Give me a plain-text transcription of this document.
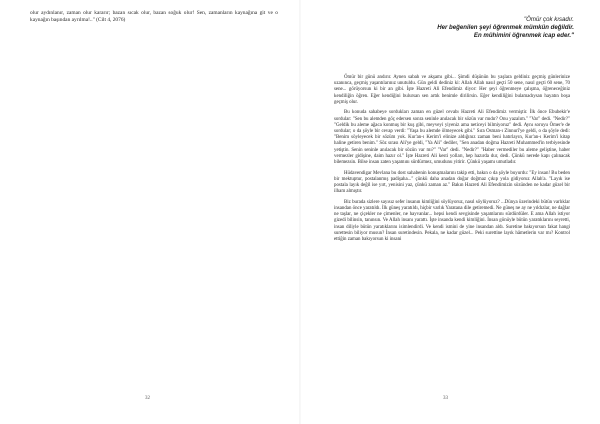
olur aydınlanır, zaman olur kararır; bazan sıcak olur, bazan soğuk olur! Sen, zamanların kaynağına git ve o kaynağın başından ayrılma!.." (Cilt 4, 2076)

32
"Ömür çok kısadır.
Her beğenilen şeyi öğrenmek mümkün değildir.
En mühimini öğrenmek icap eder."

Ömür bir günü andırır. Aynen sabah ve akşamı gibi... Şimdi düşünün bu yaşlara geldiniz geçmiş günlerinize uzanınca, geçmiş yaşantılarınız unutuldu. Gün geldi dediniz ki: Allah Allah nasıl geçti 50 sene, nasıl geçti 60 sene, 70 sene... görüyorsun ki bir an gibi. İşte Hazreti Ali Efendimiz diyor: Her şeyi öğrenmeye çalışma, öğreneceğiniz kendiliğin öğren. Eğer kendiğini bulursan sen artık benimle dirilirsin. Eğer kendiliğini bulamadıysan hayatın boşa geçmiş olur.

Bu konuda sahabeye sordukları zaman en güzel cevabı Hazreti Ali Efendimiz vermiştir. İlk önce Ebubekir'e sordular: "Sen bu alemden göç edersen sonra seninle anılacak bir sözün var mıdır? Onu yazalım." "Var" dedi. "Nedir?" "Geldik bu aleme ağaca konmuş bir kuş gibi, meyveyi yiyeniz ama neticeyi bilmiyoruz" dedi. Aynı soruyu Ömer'e de sordular; o da şöyle bir cevap verdi: "Yaşa bu alemde ölmeyecek gibi." Sıra Osman-ı Zinnurî'ye geldi, o da şöyle dedi: "Benim söyleyecek bir sözüm yok. Kur'an-ı Kerim'i elinize aldığınız zaman beni hatırlayın, Kur'an-ı Kerim'i kitap haline getiren benim." Söz sırası Ali'ye geldi, "Ya Ali" dediler, "Sen anadan doğma Hazreti Muhammed'in terbiyesinde yetiştin. Senin seninle anılacak bir sözün var mı?" "Var" dedi. "Nedir?" "Haber vermediler bu aleme geliştine, haber vermezler gidişine, daim hazır ol." İşte Hazreti Ali kesti yolları, hep hazırda dur, dedi. Çünkü nerede kapı çalınacak bilemezsin. Bilse insan zaten yaşamını sürdürmez, umudunu yitirir. Çünkü yaşamı umutladır.

Hüdavendigar Mevlana bu dost sahabenin konuşmalarını takip etti, bakın o da şöyle buyurdu: "Ey insan! Bu beden bir mektuptur, postalanmış padişaha..." çünkü daha anadan doğar doğmaz çıkıp yola gidiyoruz Allah'a. "Layık ise postala layık değil ise yırt, yenisini yaz, çünkü zaman az." Bakın Hazreti Ali Efendimizin sözünden ne kadar güzel bir ilham almıştır.

Biz burada sizlere sayısız sefer insanın kimliğini söylüyoruz, nasıl söylüyoruz? ...Dünya üzerindeki bütün varlıklar insandan önce yaratıldı. İlk güneş yaratıldı, hiçbir varlık Yaratana dile getiremedi. Ne güneş ne ay ne yıldızlar, ne dağlar ne taşlar, ne çiçekler ne çimenler, ne hayvanlar... hepsi kendi sevgisinde yaşamlarını sürdürdüler. E ama Allah istiyor gizedi bilinsin, tanınsın. Ve Allah insanı yarattı. İşte insanda kendi kimliğini. İnsan gönüyle bütün yaratıklarını seyretti, insan diliyle bütün yaratıklarını isimlendirdi. Ve kendi ismini de yine insandan aldı. Suretine bakıyorsun fakat hangi surettesin biliyor musun? İnsan suretindesin. Pekala, ne kadar güzel... Peki surettine layık hâmetlerin var mı? Kontrol ettiğin zaman bakıyorsun ki insani

33
